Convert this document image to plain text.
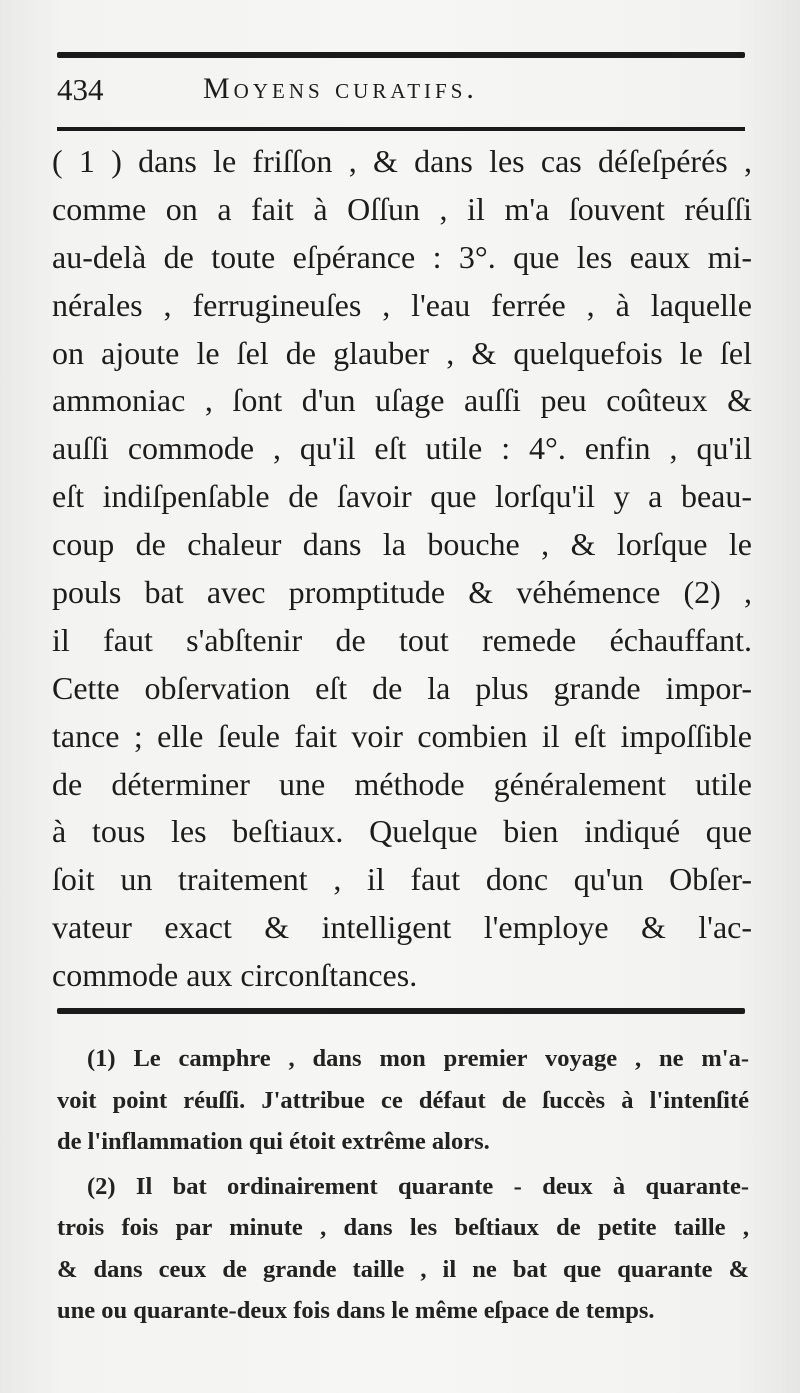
434	Moyens curatifs.
( 1 ) dans le friſſon , & dans les cas déſeſpérés ,
comme on a fait à Oſſun , il m'a ſouvent réuſſi
au-delà de toute eſpérance : 3°. que les eaux mi-
nérales , ferrugineuſes , l'eau ferrée , à laquelle
on ajoute le ſel de glauber , & quelquefois le ſel
ammoniac , ſont d'un uſage auſſi peu coûteux &
auſſi commode , qu'il eſt utile : 4°. enfin , qu'il
eſt indiſpenſable de ſavoir que lorſqu'il y a beau-
coup de chaleur dans la bouche , & lorſque le
pouls bat avec promptitude & véhémence (2) ,
il faut s'abſtenir de tout remede échauffant.
Cette obſervation eſt de la plus grande impor-
tance ; elle ſeule fait voir combien il eſt impoſſible
de déterminer une méthode généralement utile
à tous les beſtiaux. Quelque bien indiqué que
ſoit un traitement , il faut donc qu'un Obſer-
vateur exact & intelligent l'employe & l'ac-
commode aux circonſtances.
(1) Le camphre , dans mon premier voyage , ne m'a-
voit point réuſſi. J'attribue ce défaut de ſuccès à l'intenſité
de l'inflammation qui étoit extrême alors.
(2) Il bat ordinairement quarante - deux à quarante-
trois fois par minute , dans les beſtiaux de petite taille ,
& dans ceux de grande taille , il ne bat que quarante &
une ou quarante-deux fois dans le même eſpace de temps.
